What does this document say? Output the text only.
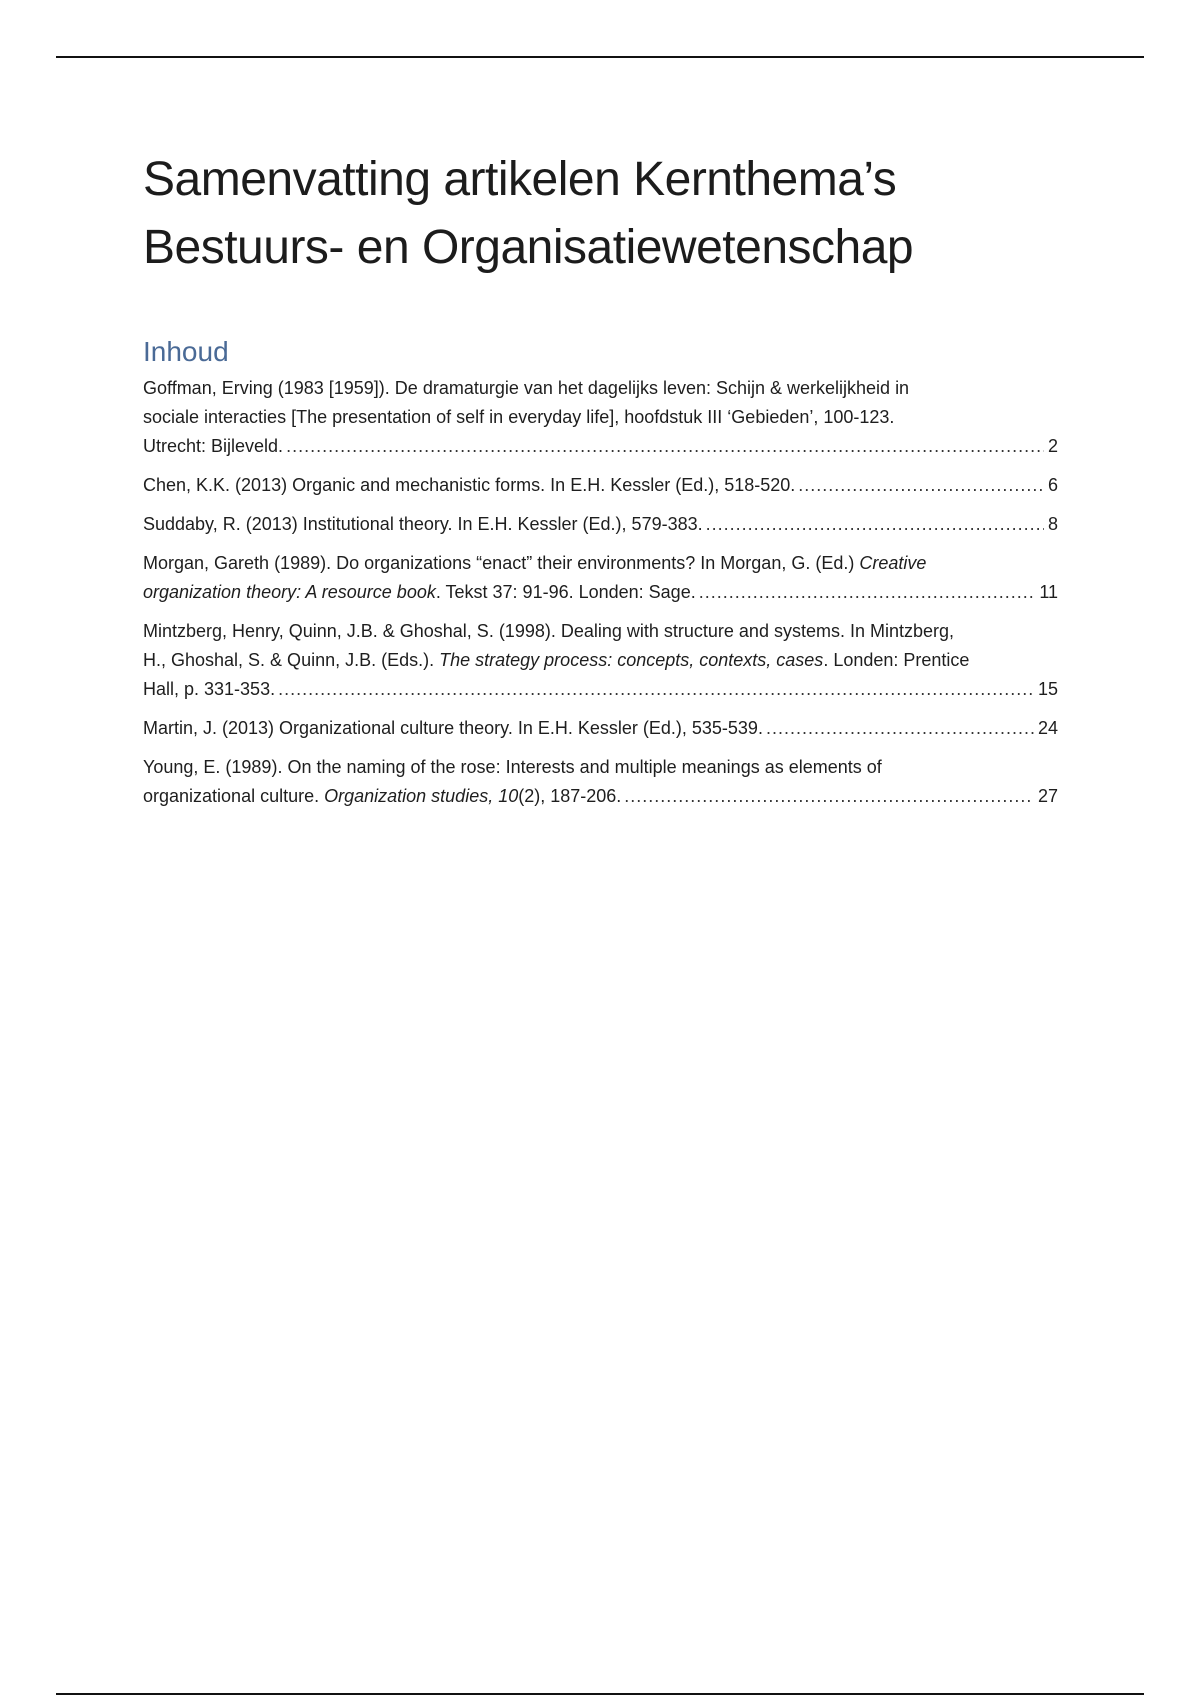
Samenvatting artikelen Kernthema’s
Bestuurs- en Organisatiewetenschap
Inhoud
Goffman, Erving (1983 [1959]). De dramaturgie van het dagelijks leven: Schijn & werkelijkheid in
sociale interacties [The presentation of self in everyday life], hoofdstuk III ‘Gebieden’, 100-123.
Utrecht: Bijleveld. .....	2
Chen, K.K. (2013) Organic and mechanistic forms. In E.H. Kessler (Ed.), 518-520. .....	6
Suddaby, R. (2013) Institutional theory. In E.H. Kessler (Ed.), 579-383. .....	8
Morgan, Gareth (1989). Do organizations “enact” their environments? In Morgan, G. (Ed.) Creative
organization theory: A resource book. Tekst 37: 91-96. Londen: Sage. .....	11
Mintzberg, Henry, Quinn, J.B. & Ghoshal, S. (1998). Dealing with structure and systems. In Mintzberg,
H., Ghoshal, S. & Quinn, J.B. (Eds.). The strategy process: concepts, contexts, cases. Londen: Prentice
Hall, p. 331-353. .....	15
Martin, J. (2013) Organizational culture theory. In E.H. Kessler (Ed.), 535-539. .....	24
Young, E. (1989). On the naming of the rose: Interests and multiple meanings as elements of
organizational culture. Organization studies, 10(2), 187-206. .....	27
